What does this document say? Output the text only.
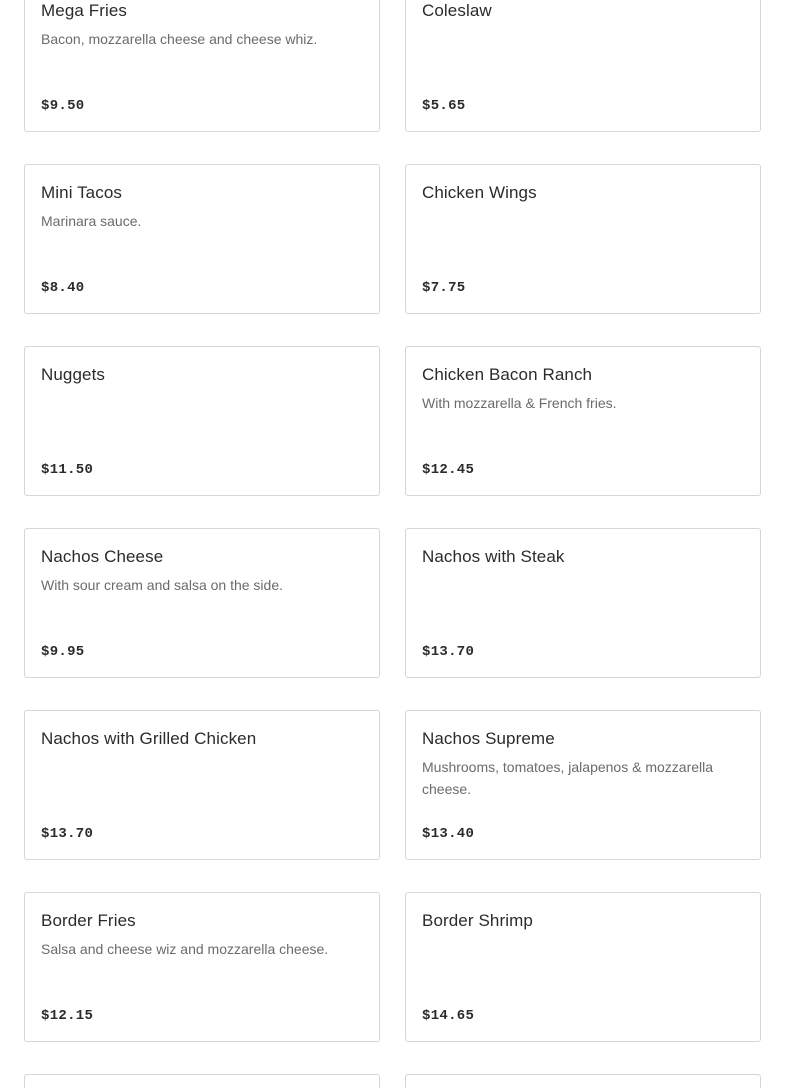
Mega Fries
Bacon, mozzarella cheese and cheese whiz.
$9.50
Coleslaw
$5.65
Mini Tacos
Marinara sauce.
$8.40
Chicken Wings
$7.75
Nuggets
$11.50
Chicken Bacon Ranch
With mozzarella & French fries.
$12.45
Nachos Cheese
With sour cream and salsa on the side.
$9.95
Nachos with Steak
$13.70
Nachos with Grilled Chicken
$13.70
Nachos Supreme
Mushrooms, tomatoes, jalapenos & mozzarella cheese.
$13.40
Border Fries
Salsa and cheese wiz and mozzarella cheese.
$12.15
Border Shrimp
$14.65
